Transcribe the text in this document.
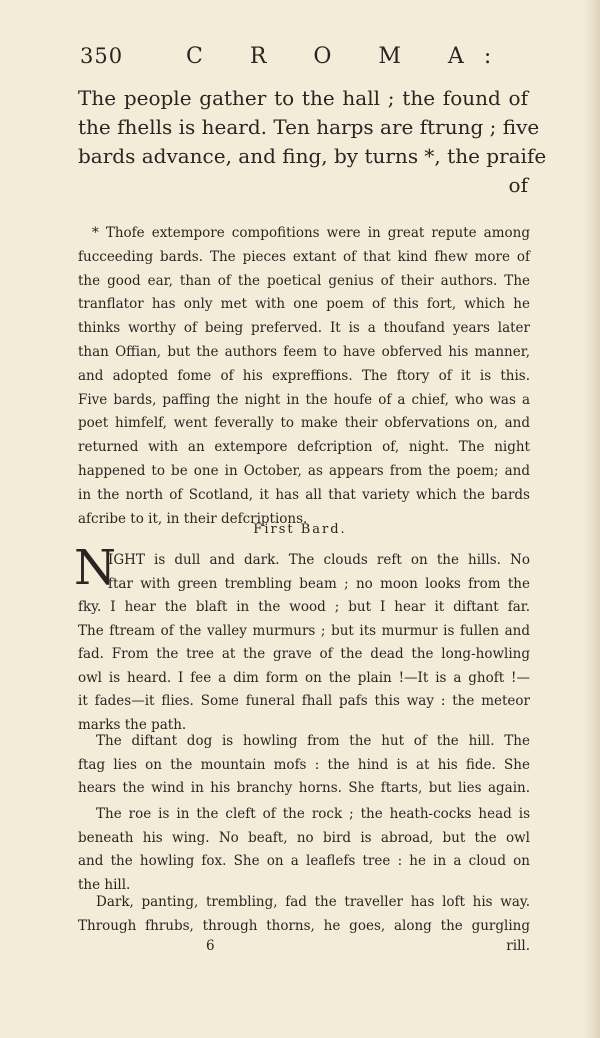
350	C R O M A:
The people gather to the hall ; the found of
the fhells is heard. Ten harps are ftrung ; five
bards advance, and fing, by turns *, the praife
of
* Thofe extempore compofitions were in great repute among
fucceeding bards. The pieces extant of that kind fhew more of
the good ear, than of the poetical genius of their authors. The
tranflator has only met with one poem of this fort, which he
thinks worthy of being preferved. It is a thoufand years later
than Offian, but the authors feem to have obferved his manner,
and adopted fome of his expreffions. The ftory of it is this.
Five bards, paffing the night in the houfe of a chief, who was a
poet himfelf, went feverally to make their obfervations on, and
returned with an extempore defcription of, night. The night
happened to be one in October, as appears from the poem; and
in the north of Scotland, it has all that variety which the bards
afcribe to it, in their defcriptions.
First Bard.
N
IGHT is dull and dark. The clouds reft on the hills. No
ftar with green trembling beam ; no moon looks from the
fky. I hear the blaft in the wood ; but I hear it diftant far.
The ftream of the valley murmurs ; but its murmur is fullen and
fad. From the tree at the grave of the dead the long-howling
owl is heard. I fee a dim form on the plain !—It is a ghoft !—
it fades—it flies. Some funeral fhall pafs this way : the meteor
marks the path.
The diftant dog is howling from the hut of the hill. The
ftag lies on the mountain mofs : the hind is at his fide. She
hears the wind in his branchy horns. She ftarts, but lies again.
The roe is in the cleft of the rock ; the heath-cocks head is
beneath his wing. No beaft, no bird is abroad, but the owl
and the howling fox. She on a leaflefs tree : he in a cloud on
the hill.
Dark, panting, trembling, fad the traveller has loft his way.
Through fhrubs, through thorns, he goes, along the gurgling
6	rill.
